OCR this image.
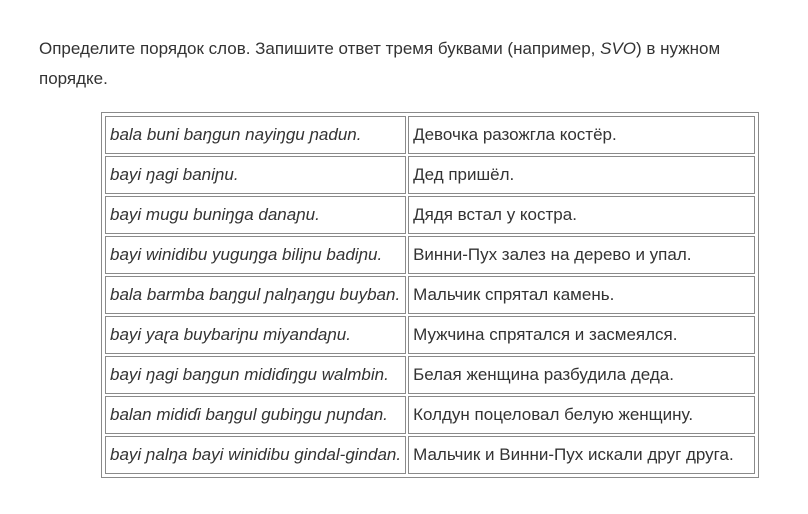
Определите порядок слов. Запишите ответ тремя буквами (например, SVO) в нужном порядке.
bala buni baŋgun nayiŋgu ɲadun.	Девочка разожгла костёр.
bayi ŋagi baniɲu.	Дед пришёл.
bayi mugu buniŋga danaɲu.	Дядя встал у костра.
bayi winidibu yuguŋga biliɲu badiɲu.	Винни-Пух залез на дерево и упал.
bala barmba baŋgul ɲalŋaŋgu buyban.	Мальчик спрятал камень.
bayi yaɽa buybariɲu miyandaɲu.	Мужчина спрятался и засмеялся.
bayi ŋagi baŋgun midiɗiŋgu walmbin.	Белая женщина разбудила деда.
balan midiɗi baŋgul gubiŋgu ɲuɲdan.	Колдун поцеловал белую женщину.
bayi ɲalŋa bayi winidibu gindal-gindan.	Мальчик и Винни-Пух искали друг друга.
